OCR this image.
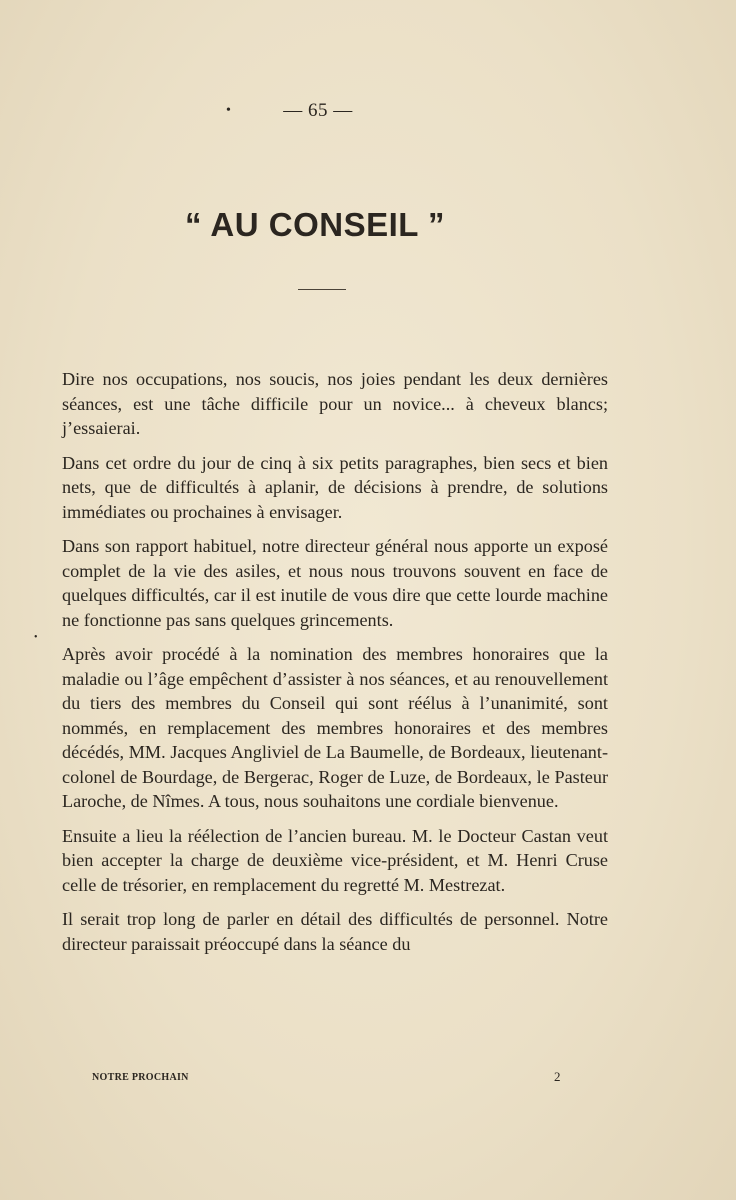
•	— 65 —
“ AU CONSEIL ”

Dire nos occupations, nos soucis, nos joies pendant les deux dernières séances, est une tâche difficile pour un novice... à cheveux blancs; j’essaierai.

Dans cet ordre du jour de cinq à six petits paragraphes, bien secs et bien nets, que de difficultés à aplanir, de décisions à prendre, de solutions immédiates ou prochaines à envisager.

Dans son rapport habituel, notre directeur général nous apporte un exposé complet de la vie des asiles, et nous nous trouvons souvent en face de quelques difficultés, car il est inutile de vous dire que cette lourde machine ne fonctionne pas sans quelques grincements.

Après avoir procédé à la nomination des membres honoraires que la maladie ou l’âge empêchent d’assister à nos séances, et au renouvellement du tiers des membres du Conseil qui sont réélus à l’unanimité, sont nommés, en remplacement des membres honoraires et des membres décédés, MM. Jacques Angliviel de La Baumelle, de Bordeaux, lieutenant-colonel de Bourdage, de Bergerac, Roger de Luze, de Bordeaux, le Pasteur Laroche, de Nîmes. A tous, nous souhaitons une cordiale bienvenue.

Ensuite a lieu la réélection de l’ancien bureau. M. le Docteur Castan veut bien accepter la charge de deuxième vice-président, et M. Henri Cruse celle de trésorier, en remplacement du regretté M. Mestrezat.

Il serait trop long de parler en détail des difficultés de personnel. Notre directeur paraissait préoccupé dans la séance du

•
NOTRE PROCHAIN	2
